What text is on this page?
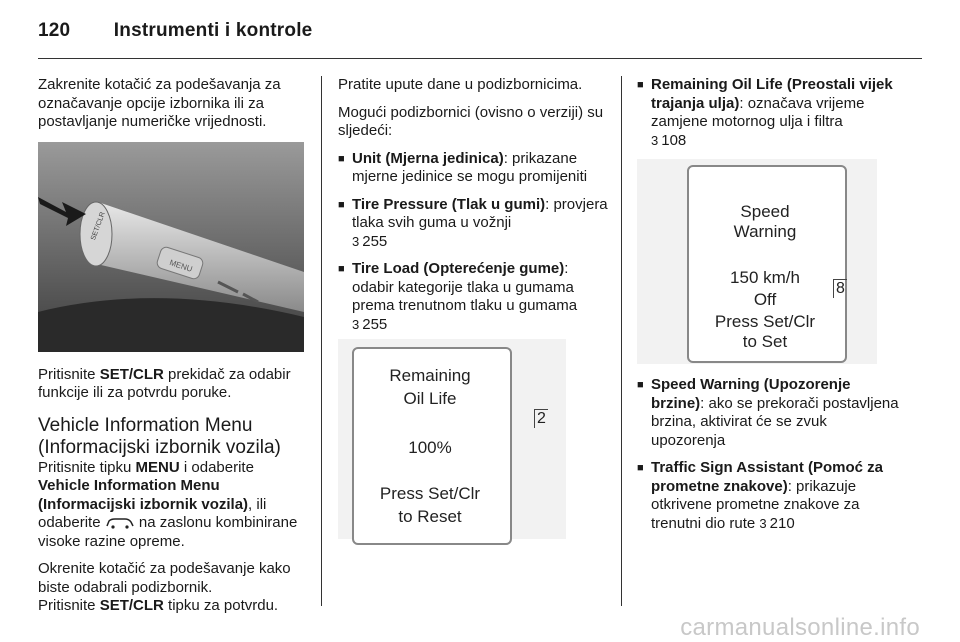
120 Instrumenti i kontrole

Zakrenite kotačić za podešavanja za označavanje opcije izbornika ili za postavljanje numeričke vrijednosti.

MENU
SET/CLR

Pritisnite SET/CLR prekidač za odabir funkcije ili za potvrdu poruke.

Vehicle Information Menu (Informacijski izbornik vozila)

Pritisnite tipku MENU i odaberite Vehicle Information Menu (Informacijski izbornik vozila), ili odaberite  na zaslonu kombinirane visoke razine opreme.

Okrenite kotačić za podešavanje kako biste odabrali podizbornik.

Pritisnite SET/CLR tipku za potvrdu.

Pratite upute dane u podizbornicima.

Mogući podizbornici (ovisno o verziji) su sljedeći:

■ Unit (Mjerna jedinica): prikazane mjerne jedinice se mogu promijeniti
■ Tire Pressure (Tlak u gumi): provjera tlaka svih guma u vožnji
3 255
■ Tire Load (Opterećenje gume): odabir kategorije tlaka u gumama prema trenutnom tlaku u gumama
3 255
Remaining
Oil Life
100%
Press Set/Clr
to Reset
2
■ Remaining Oil Life (Preostali vijek trajanja ulja): označava vrijeme zamjene motornog ulja i filtra
3 108
Speed
Warning
150 km/h
Off
Press Set/Clr
to Set
8
■ Speed Warning (Upozorenje brzine): ako se prekorači postavljena brzina, aktivirat će se zvuk upozorenja
■ Traffic Sign Assistant (Pomoć za prometne znakove): prikazuje otkrivene prometne znakove za trenutni dio rute 3 210
carmanualsonline.info
